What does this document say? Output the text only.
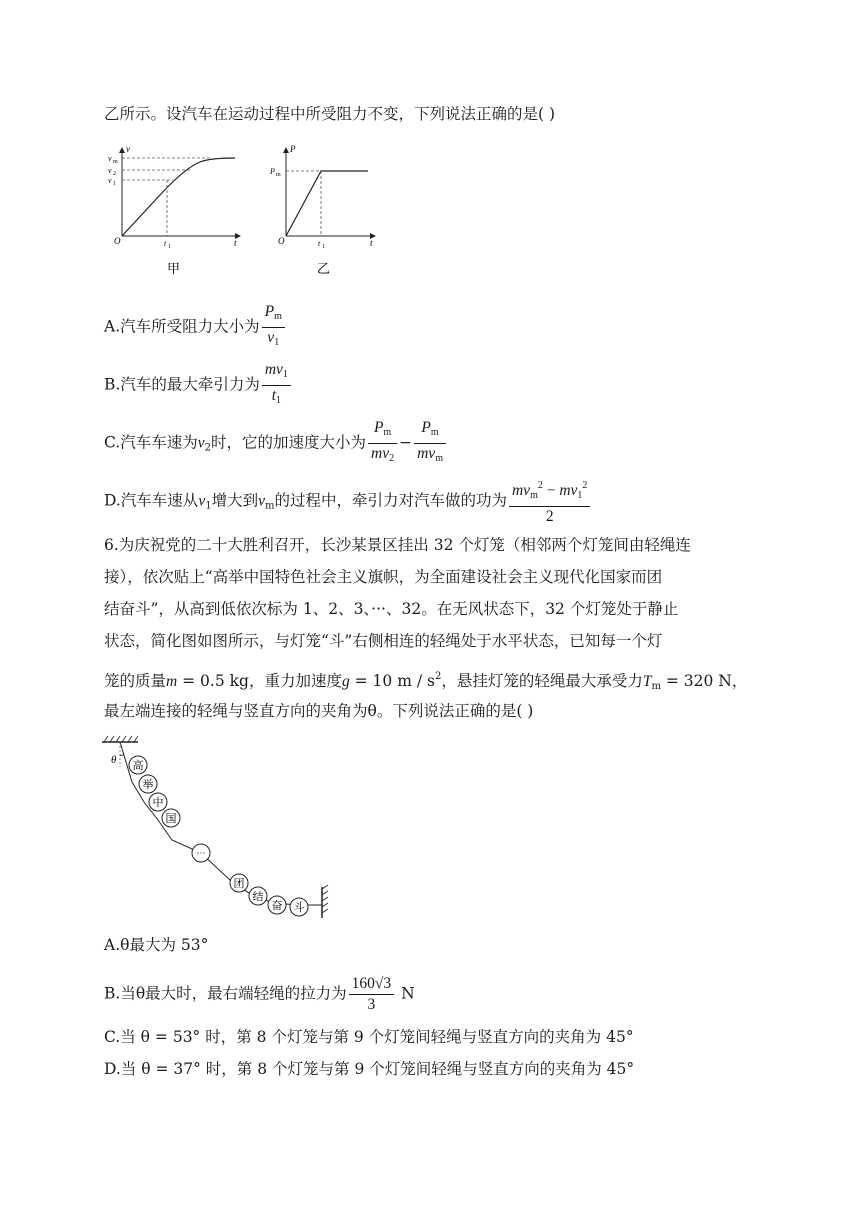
乙所示。设汽车在运动过程中所受阻力不变，下列说法正确的是( )
v
v m
v 2
v 1
O	t 1	t
甲
P
P m
O	t 1	t
乙
A.汽车所受阻力大小为 $\frac{P_m}{v_1}$
B.汽车的最大牵引力为 $\frac{mv_1}{t_1}$
C.汽车车速为$v_2$时，它的加速度大小为 $\frac{P_m}{mv_2} - \frac{P_m}{mv_m}$
D.汽车车速从$v_1$增大到$v_m$的过程中，牵引力对汽车做的功为 $\frac{mv_m^2 - mv_1^2}{2}$
6.为庆祝党的二十大胜利召开，长沙某景区挂出 32 个灯笼（相邻两个灯笼间由轻绳连
接），依次贴上“高举中国特色社会主义旗帜，为全面建设社会主义现代化国家而团
结奋斗”，从高到低依次标为 1、2、3、···、32。在无风状态下，32 个灯笼处于静止
状态，简化图如图所示，与灯笼“斗”右侧相连的轻绳处于水平状态，已知每一个灯
笼的质量m = 0.5 kg，重力加速度g = 10 m / $s^2$，悬挂灯笼的轻绳最大承受力$T_m = 320$ N，
最左端连接的轻绳与竖直方向的夹角为θ。下列说法正确的是( )
θ 高
举
中
国
···
团
结
奋 斗
A.θ最大为 53°
B.当θ最大时，最右端轻绳的拉力为 $\frac{160√3}{3}$ N
C.当 θ = 53° 时，第 8 个灯笼与第 9 个灯笼间轻绳与竖直方向的夹角为 45°
D.当 θ = 37° 时，第 8 个灯笼与第 9 个灯笼间轻绳与竖直方向的夹角为 45°
